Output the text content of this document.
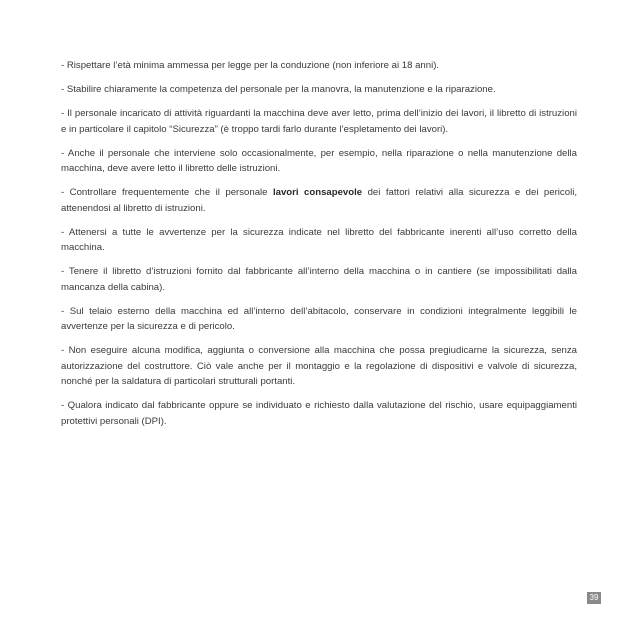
- Rispettare l’età minima ammessa per legge per la conduzione (non inferiore ai 18 anni).

- Stabilire chiaramente la competenza del personale per la manovra, la manutenzione e la riparazione.

- Il personale incaricato di attività riguardanti la macchina deve aver letto, prima dell’inizio dei lavori, il libretto di istruzioni e in particolare il capitolo “Sicurezza” (è troppo tardi farlo durante l’espletamento dei lavori).

- Anche il personale che interviene solo occasionalmente, per esempio, nella riparazione o nella manutenzione della macchina, deve avere letto il libretto delle istruzioni.

- Controllare frequentemente che il personale lavori consapevole dei fattori relativi alla sicurezza e dei pericoli, attenendosi al libretto di istruzioni.

- Attenersi a tutte le avvertenze per la sicurezza indicate nel libretto del fabbricante inerenti all’uso corretto della macchina.

- Tenere il libretto d’istruzioni fornito dal fabbricante all’interno della macchina o in cantiere (se impossibilitati dalla mancanza della cabina).

- Sul telaio esterno della macchina ed all’interno dell’abitacolo, conservare in condizioni integralmente leggibili le avvertenze per la sicurezza e di pericolo.

- Non eseguire alcuna modifica, aggiunta o conversione alla macchina che possa pregiudicarne la sicurezza, senza autorizzazione del costruttore. Ciò vale anche per il montaggio e la regolazione di dispositivi e valvole di sicurezza, nonché per la saldatura di particolari strutturali portanti.

- Qualora indicato dal fabbricante oppure se individuato e richiesto dalla valutazione del rischio, usare equipaggiamenti protettivi personali (DPI).

39
